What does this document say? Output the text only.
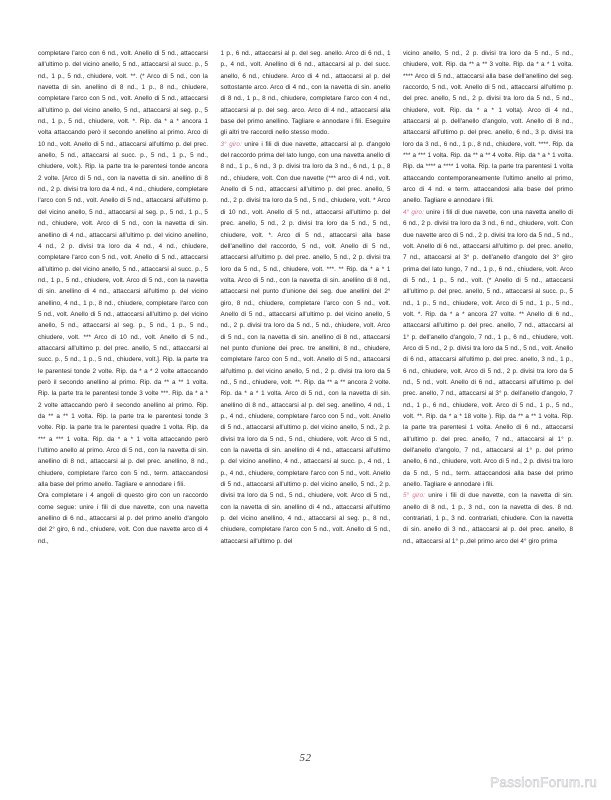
completare l'arco con 6 nd., volt. Anello di 5 nd., attaccarsi all'ultimo p. del vicino anello, 5 nd., attaccarsi al succ. p., 5 nd., 1 p., 5 nd., chiudere, volt. **. (* Arco di 5 nd., con la navetta di sin. anellino di 8 nd., 1 p., 8 nd., chiudere, completare l'arco con 5 nd., volt. Anello di 5 nd., attaccarsi all'ultimo p. del vicino anello, 5 nd., attaccarsi al seg. p., 5 nd., 1 p., 5 nd., chiudere, volt. *. Rip. da * a * ancora 1 volta attaccando però il secondo anellino al primo. Arco di 10 nd., volt. Anello di 5 nd., attaccarsi all'ultimo p. del prec. anello, 5 nd., attaccarsi al succ. p., 5 nd., 1 p., 5 nd., chiudere, volt.). Rip. la parte tra le parentesi tonde ancora 2 volte. [Arco di 5 nd., con la navetta di sin. anellino di 8 nd., 2 p. divisi tra loro da 4 nd., 4 nd., chiudere, completare l'arco con 5 nd., volt. Anello di 5 nd., attaccarsi all'ultimo p. del vicino anello, 5 nd., attaccarsi al seg. p., 5 nd., 1 p., 5 nd., chiudere, volt. Arco di 5 nd., con la navetta di sin. anellino di 4 nd., attaccarsi all'ultimo p. del vicino anellino, 4 nd., 2 p. divisi tra loro da 4 nd., 4 nd., chiudere, completare l'arco con 5 nd., volt. Anello di 5 nd., attaccarsi all'ultimo p. del vicino anello, 5 nd., attaccarsi al succ. p., 5 nd., 1 p., 5 nd., chiudere, volt. Arco di 5 nd., con la navetta di sin. anellino di 4 nd., attaccarsi all'ultimo p. del vicino anellino, 4 nd., 1 p., 8 nd., chiudere, completare l'arco con 5 nd., volt. Anello di 5 nd., attaccarsi all'ultimo p. del vicino anello, 5 nd., attaccarsi al seg. p., 5 nd., 1 p., 5 nd., chiudere, volt. *** Arco di 10 nd., volt. Anello di 5 nd., attaccarsi all'ultimo p. del prec. anello, 5 nd., attaccarsi al succ. p., 5 nd., 1 p., 5 nd., chiudere, volt.]. Rip. la parte tra le parentesi tonde 2 volte. Rip. da * a * 2 volte attaccando però il secondo anellino al primo. Rip. da ** a ** 1 volta. Rip. la parte tra le parentesi tonde 3 volte ***. Rip. da * a * 2 volte attaccando però il secondo anellino al primo. Rip. da ** a ** 1 volta. Rip. la parte tra le parentesi tonde 3 volte. Rip. la parte tra le parentesi quadre 1 volta. Rip. da *** a *** 1 volta. Rip. da * a * 1 volta attaccando però l'ultimo anello al primo. Arco di 5 nd., con la navetta di sin. anellino di 8 nd., attaccarsi al p. del prec. anellino, 8 nd., chiudere, completare l'arco con 5 nd., term. attaccandosi alla base del primo anello. Tagliare e annodare i fili.

Ora completare i 4 angoli di questo giro con un raccordo come segue: unire i fili di due navette, con una navetta anellino di 6 nd., attaccarsi al p. del primo anello d'angolo del 2° giro, 6 nd., chiudere, volt. Con due navette arco di 4 nd.,

1 p., 6 nd., attaccarsi al p. del seg. anello. Arco di 6 nd., 1 p., 4 nd., volt. Anellino di 6 nd., attaccarsi al p. del succ. anello, 6 nd., chiudere. Arco di 4 nd., attaccarsi al p. del sottostante arco. Arco di 4 nd., con la navetta di sin. anello di 8 nd., 1 p., 8 nd., chiudere, completare l'arco con 4 nd., attaccarsi al p. del seg. arco. Arco di 4 nd., attaccarsi alla base del primo anellino. Tagliare e annodare i fili. Eseguire gli altri tre raccordi nello stesso modo.

3° giro: unire i fili di due navette, attaccarsi al p. d'angolo del raccordo prima del lato lungo, con una navetta anello di 8 nd., 1 p., 6 nd., 3 p. divisi tra loro da 3 nd., 6 nd., 1 p., 8 nd., chiudere, volt. Con due navette (*** arco di 4 nd., volt. Anello di 5 nd., attaccarsi all'ultimo p. del prec. anello, 5 nd., 2 p. divisi tra loro da 5 nd., 5 nd., chiudere, volt. * Arco di 10 nd., volt. Anello di 5 nd., attaccarsi all'ultimo p. del prec. anello, 5 nd., 2 p. divisi tra loro da 5 nd., 5 nd., chiudere, volt. *. Arco di 5 nd., attaccarsi alla base dell'anellino del raccordo, 5 nd., volt. Anello di 5 nd., attaccarsi all'ultimo p. del prec. anello, 5 nd., 2 p. divisi tra loro da 5 nd., 5 nd., chiudere, volt. ***. ** Rip. da * a * 1 volta. Arco di 5 nd., con la navetta di sin. anellino di 8 nd., attaccarsi nel punto d'unione dei seg. due anellini del 2° giro, 8 nd., chiudere, completare l'arco con 5 nd., volt. Anello di 5 nd., attaccarsi all'ultimo p. del vicino anello, 5 nd., 2 p. divisi tra loro da 5 nd., 5 nd., chiudere, volt. Arco di 5 nd., con la navetta di sin. anellino di 8 nd., attaccarsi nel punto d'unione dei prec. tre anellini, 8 nd., chiudere, completare l'arco con 5 nd., volt. Anello di 5 nd., attaccarsi all'ultimo p. del vicino anello, 5 nd., 2 p. divisi tra loro da 5 nd., 5 nd., chiudere, volt. **. Rip. da ** a ** ancora 2 volte. Rip. da * a * 1 volta. Arco di 5 nd., con la navetta di sin. anellino di 8 nd., attaccarsi al p. del seg. anellino, 4 nd., 1 p., 4 nd., chiudere, completare l'arco con 5 nd., volt. Anello di 5 nd., attaccarsi all'ultimo p. del vicino anello, 5 nd., 2 p. divisi tra loro da 5 nd., 5 nd., chiudere, volt. Arco di 5 nd., con la navetta di sin. anellino di 4 nd., attaccarsi all'ultimo p. del vicino anellino, 4 nd., attaccarsi al succ. p., 4 nd., 1 p., 4 nd., chiudere, completare l'arco con 5 nd., volt. Anello di 5 nd., attaccarsi all'ultimo p. del vicino anello, 5 nd., 2 p. divisi tra loro da 5 nd., 5 nd., chiudere, volt. Arco di 5 nd., con la navetta di sin. anellino di 4 nd., attaccarsi all'ultimo p. del vicino anellino, 4 nd., attaccarsi al seg. p., 8 nd., chiudere, completare l'arco con 5 nd., volt. Anello di 5 nd., attaccarsi all'ultimo p. del

vicino anello, 5 nd., 2 p. divisi tra loro da 5 nd., 5 nd., chiudere, volt. Rip. da ** a ** 3 volte. Rip. da * a * 1 volta. **** Arco di 5 nd., attaccarsi alla base dell'anellino del seg. raccordo, 5 nd., volt. Anello di 5 nd., attaccarsi all'ultimo p. del prec. anello, 5 nd., 2 p. divisi tra loro da 5 nd., 5 nd., chiudere, volt. Rip. da * a * 1 volta). Arco di 4 nd., attaccarsi al p. dell'anello d'angolo, volt. Anello di 8 nd., attaccarsi all'ultimo p. del prec. anello, 6 nd., 3 p. divisi tra loro da 3 nd., 6 nd., 1 p., 8 nd., chiudere, volt. ****. Rip. da *** a *** 1 volta. Rip. da ** a ** 4 volte. Rip. da * a * 1 volta. Rip. da **** a **** 1 volta. Rip. la parte tra parentesi 1 volta attaccando contemporaneamente l'ultimo anello al primo, arco di 4 nd. e term. attaccandosi alla base del primo anello. Tagliare e annodare i fili.

4° giro: unire i fili di due navette, con una navetta anello di 6 nd., 2 p. divisi tra loro da 3 nd., 6 nd., chiudere, volt. Con due navette arco di 5 nd., 2 p. divisi tra loro da 5 nd., 5 nd., volt. Anello di 6 nd., attaccarsi all'ultimo p. del prec. anello, 7 nd., attaccarsi al 3° p. dell'anello d'angolo del 3° giro prima del lato lungo, 7 nd., 1 p., 6 nd., chiudere, volt. Arco di 5 nd., 1 p., 5 nd., volt. (* Anello di 5 nd., attaccarsi all'ultimo p. del prec. anello, 5 nd., attaccarsi al succ. p., 5 nd., 1 p., 5 nd., chiudere, volt. Arco di 5 nd., 1 p., 5 nd., volt. *. Rip. da * a * ancora 27 volte. ** Anello di 6 nd., attaccarsi all'ultimo p. del prec. anello, 7 nd., attaccarsi al 1° p. dell'anello d'angolo, 7 nd., 1 p., 6 nd., chiudere, volt. Arco di 5 nd., 2 p. divisi tra loro da 5 nd., 5 nd., volt. Anello di 6 nd., attaccarsi all'ultimo p. del prec. anello, 3 nd., 1 p., 6 nd., chiudere, volt. Arco di 5 nd., 2 p. divisi tra loro da 5 nd., 5 nd., volt. Anello di 6 nd., attaccarsi all'ultimo p. del prec. anello, 7 nd., attaccarsi al 3° p. dell'anello d'angolo, 7 nd., 1 p., 6 nd., chiudere, volt. Arco di 5 nd., 1 p., 5 nd., volt. **. Rip. da * a * 18 volte ). Rip. da ** a ** 1 volta. Rip. la parte tra parentesi 1 volta. Anello di 6 nd., attaccarsi all'ultimo p. del prec. anello, 7 nd., attaccarsi al 1° p. dell'anello d'angolo, 7 nd., attaccarsi al 1° p. del primo anello, 6 nd., chiudere, volt. Arco di 5 nd., 2 p. divisi tra loro da 5 nd., 5 nd., term. attaccandosi alla base del primo anello. Tagliare e annodare i fili.

5° giro: unire i fili di due navette, con la navetta di sin. anello di 8 nd., 1 p., 3 nd., con la navetta di des. 8 nd. contrariati, 1 p., 3 nd. contrariati, chiudere. Con la navetta di sin. anello di 3 nd., attaccarsi al p. del prec. anello, 8 nd., attaccarsi al 1° p.,del primo arco del 4° giro prima

52
PassionForum.ru
